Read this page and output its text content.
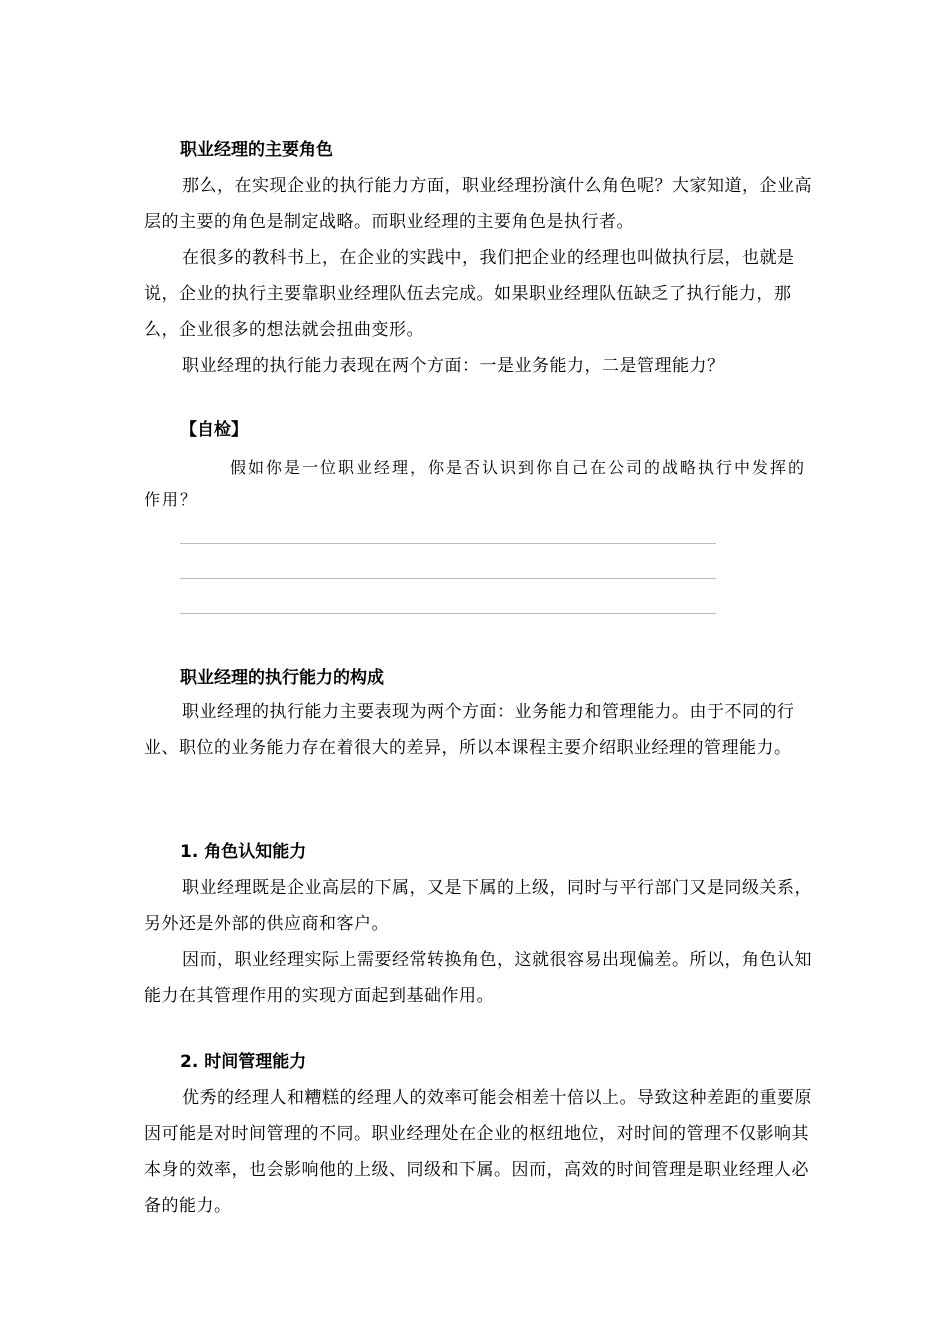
职业经理的主要角色

那么，在实现企业的执行能力方面，职业经理扮演什么角色呢？大家知道，企业高层的主要的角色是制定战略。而职业经理的主要角色是执行者。

在很多的教科书上，在企业的实践中，我们把企业的经理也叫做执行层，也就是说，企业的执行主要靠职业经理队伍去完成。如果职业经理队伍缺乏了执行能力，那么，企业很多的想法就会扭曲变形。

职业经理的执行能力表现在两个方面：一是业务能力，二是管理能力？

【自检】

假如你是一位职业经理，你是否认识到你自己在公司的战略执行中发挥的作用？

职业经理的执行能力的构成

职业经理的执行能力主要表现为两个方面：业务能力和管理能力。由于不同的行业、职位的业务能力存在着很大的差异，所以本课程主要介绍职业经理的管理能力。

1. 角色认知能力

职业经理既是企业高层的下属，又是下属的上级，同时与平行部门又是同级关系，另外还是外部的供应商和客户。

因而，职业经理实际上需要经常转换角色，这就很容易出现偏差。所以，角色认知能力在其管理作用的实现方面起到基础作用。

2. 时间管理能力

优秀的经理人和糟糕的经理人的效率可能会相差十倍以上。导致这种差距的重要原因可能是对时间管理的不同。职业经理处在企业的枢纽地位，对时间的管理不仅影响其本身的效率，也会影响他的上级、同级和下属。因而，高效的时间管理是职业经理人必备的能力。
